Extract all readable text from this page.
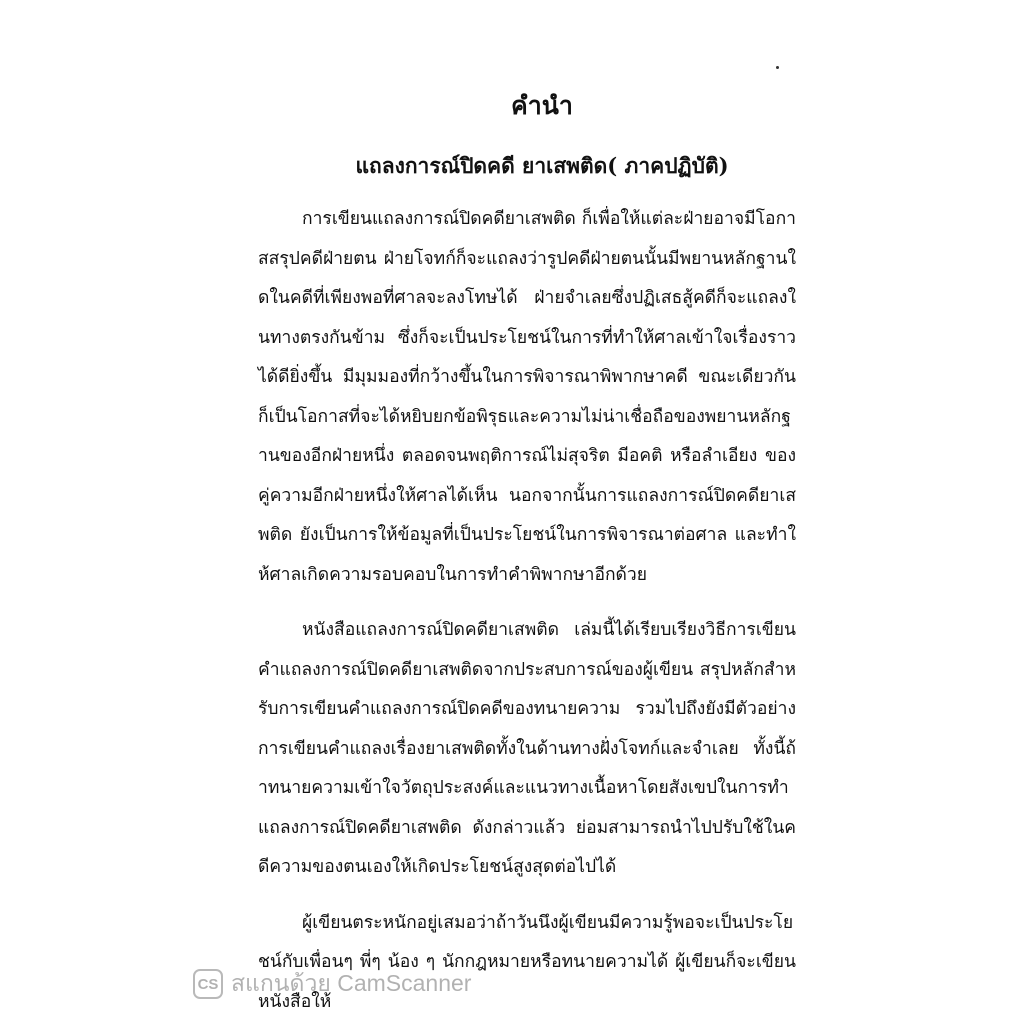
คำนำ
แถลงการณ์ปิดคดี ยาเสพติด( ภาคปฏิบัติ)

การเขียนแถลงการณ์ปิดคดียาเสพติด ก็เพื่อให้แต่ละฝ่ายอาจมีโอกาสสรุปคดีฝ่ายตน ฝ่ายโจทก์ก็จะแถลงว่ารูปคดีฝ่ายตนนั้นมีพยานหลักฐานใดในคดีที่เพียงพอที่ศาลจะลงโทษได้ ฝ่ายจำเลยซึ่งปฏิเสธสู้คดีก็จะแถลงในทางตรงกันข้าม ซึ่งก็จะเป็นประโยชน์ในการที่ทำให้ศาลเข้าใจเรื่องราวได้ดียิ่งขึ้น มีมุมมองที่กว้างขึ้นในการพิจารณาพิพากษาคดี ขณะเดียวกันก็เป็นโอกาสที่จะได้หยิบยกข้อพิรุธและความไม่น่าเชื่อถือของพยานหลักฐานของอีกฝ่ายหนึ่ง ตลอดจนพฤติการณ์ไม่สุจริต มีอคติ หรือลำเอียง ของคู่ความอีกฝ่ายหนึ่งให้ศาลได้เห็น นอกจากนั้นการแถลงการณ์ปิดคดียาเสพติด ยังเป็นการให้ข้อมูลที่เป็นประโยชน์ในการพิจารณาต่อศาล และทำให้ศาลเกิดความรอบคอบในการทำคำพิพากษาอีกด้วย

หนังสือแถลงการณ์ปิดคดียาเสพติด เล่มนี้ได้เรียบเรียงวิธีการเขียนคำแถลงการณ์ปิดคดียาเสพติดจากประสบการณ์ของผู้เขียน สรุปหลักสำหรับการเขียนคำแถลงการณ์ปิดคดีของทนายความ รวมไปถึงยังมีตัวอย่างการเขียนคำแถลงเรื่องยาเสพติดทั้งในด้านทางฝั่งโจทก์และจำเลย ทั้งนี้ถ้าทนายความเข้าใจวัตถุประสงค์และแนวทางเนื้อหาโดยสังเขปในการทำแถลงการณ์ปิดคดียาเสพติด ดังกล่าวแล้ว ย่อมสามารถนำไปปรับใช้ในคดีความของตนเองให้เกิดประโยชน์สูงสุดต่อไปได้

ผู้เขียนตระหนักอยู่เสมอว่าถ้าวันนึงผู้เขียนมีความรู้พอจะเป็นประโยชน์กับเพื่อนๆ พี่ๆ น้อง ๆ นักกฎหมายหรือทนายความได้ ผู้เขียนก็จะเขียนหนังสือให้

CS สแกนด้วย CamScanner
